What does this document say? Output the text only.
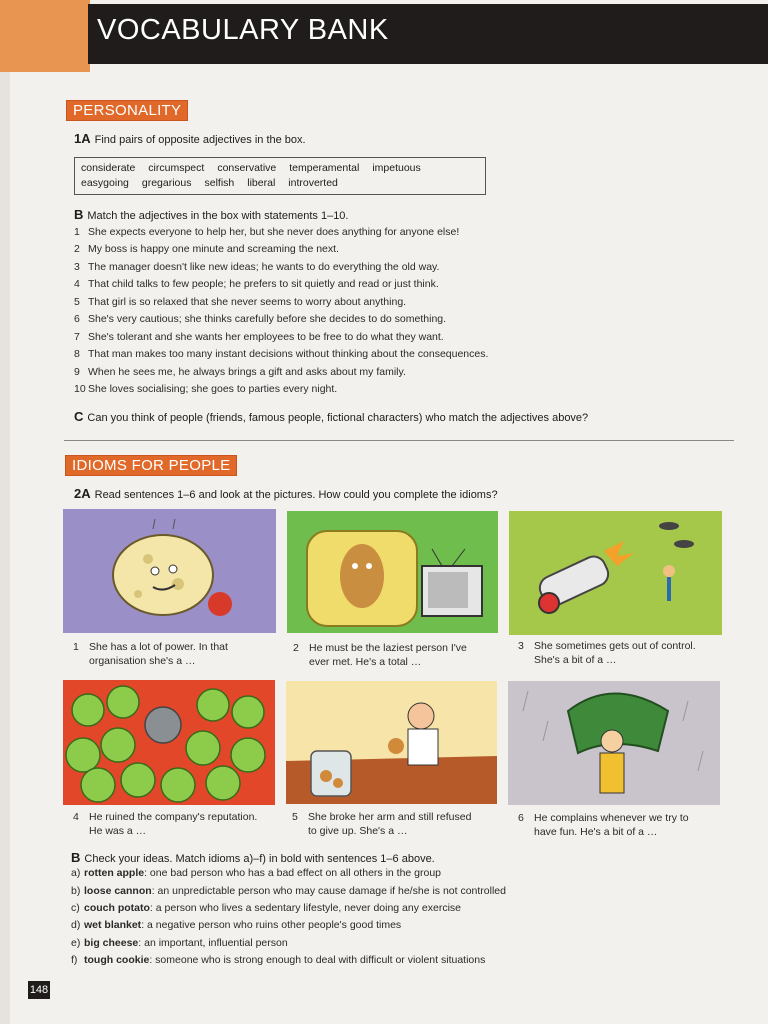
VOCABULARY BANK
PERSONALITY
1A Find pairs of opposite adjectives in the box.
considerate circumspect conservative temperamental impetuous
easygoing gregarious selfish liberal introverted
B Match the adjectives in the box with statements 1–10.
1 She expects everyone to help her, but she never does anything for anyone else!
2 My boss is happy one minute and screaming the next.
3 The manager doesn't like new ideas; he wants to do everything the old way.
4 That child talks to few people; he prefers to sit quietly and read or just think.
5 That girl is so relaxed that she never seems to worry about anything.
6 She's very cautious; she thinks carefully before she decides to do something.
7 She's tolerant and she wants her employees to be free to do what they want.
8 That man makes too many instant decisions without thinking about the consequences.
9 When he sees me, he always brings a gift and asks about my family.
10 She loves socialising; she goes to parties every night.
C Can you think of people (friends, famous people, fictional characters) who match the adjectives above?
IDIOMS FOR PEOPLE
2A Read sentences 1–6 and look at the pictures. How could you complete the idioms?
1 She has a lot of power. In that
organisation she's a …
2 He must be the laziest person I've
ever met. He's a total …
3 She sometimes gets out of control.
She's a bit of a …
4 He ruined the company's reputation.
He was a …
5 She broke her arm and still refused
to give up. She's a …
6 He complains whenever we try to
have fun. He's a bit of a …
B Check your ideas. Match idioms a)–f) in bold with sentences 1–6 above.
a) rotten apple: one bad person who has a bad effect on all others in the group
b) loose cannon: an unpredictable person who may cause damage if he/she is not controlled
c) couch potato: a person who lives a sedentary lifestyle, never doing any exercise
d) wet blanket: a negative person who ruins other people's good times
e) big cheese: an important, influential person
f) tough cookie: someone who is strong enough to deal with difficult or violent situations
148
